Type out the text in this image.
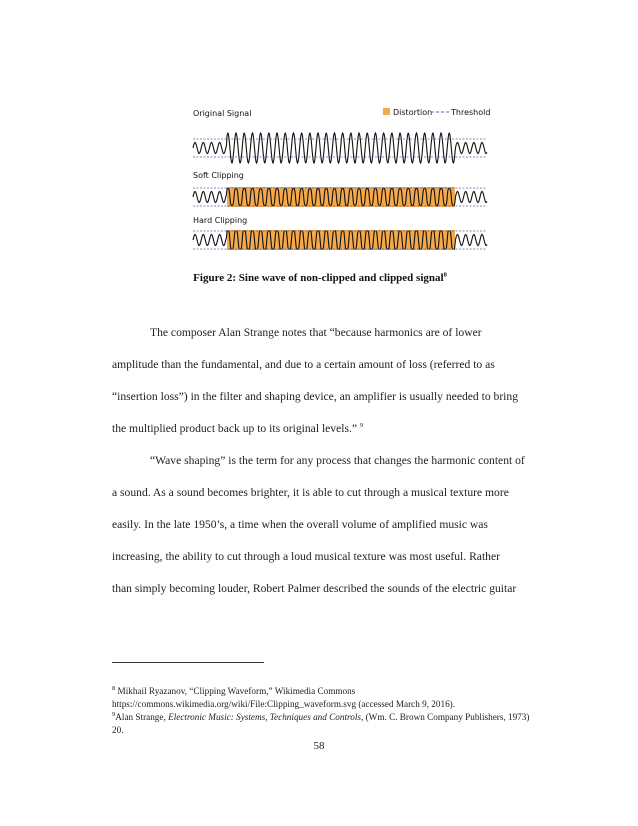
Original Signal	Distortion Threshold
Soft Clipping
Hard Clipping
Figure 2: Sine wave of non-clipped and clipped signal$^8$
The composer Alan Strange notes that “because harmonics are of lower
amplitude than the fundamental, and due to a certain amount of loss (referred to as
“insertion loss”) in the filter and shaping device, an amplifier is usually needed to bring
the multiplied product back up to its original levels.” $^9$
“Wave shaping” is the term for any process that changes the harmonic content of
a sound. As a sound becomes brighter, it is able to cut through a musical texture more
easily. In the late 1950’s, a time when the overall volume of amplified music was
increasing, the ability to cut through a loud musical texture was most useful. Rather
than simply becoming louder, Robert Palmer described the sounds of the electric guitar
$^8$ Mikhail Ryazanov, “Clipping Waveform,” Wikimedia Commons
https://commons.wikimedia.org/wiki/File:Clipping_waveform.svg (accessed March 9, 2016).
$^9$Alan Strange, Electronic Music: Systems, Techniques and Controls, (Wm. C. Brown Company Publishers, 1973)
20.
58
